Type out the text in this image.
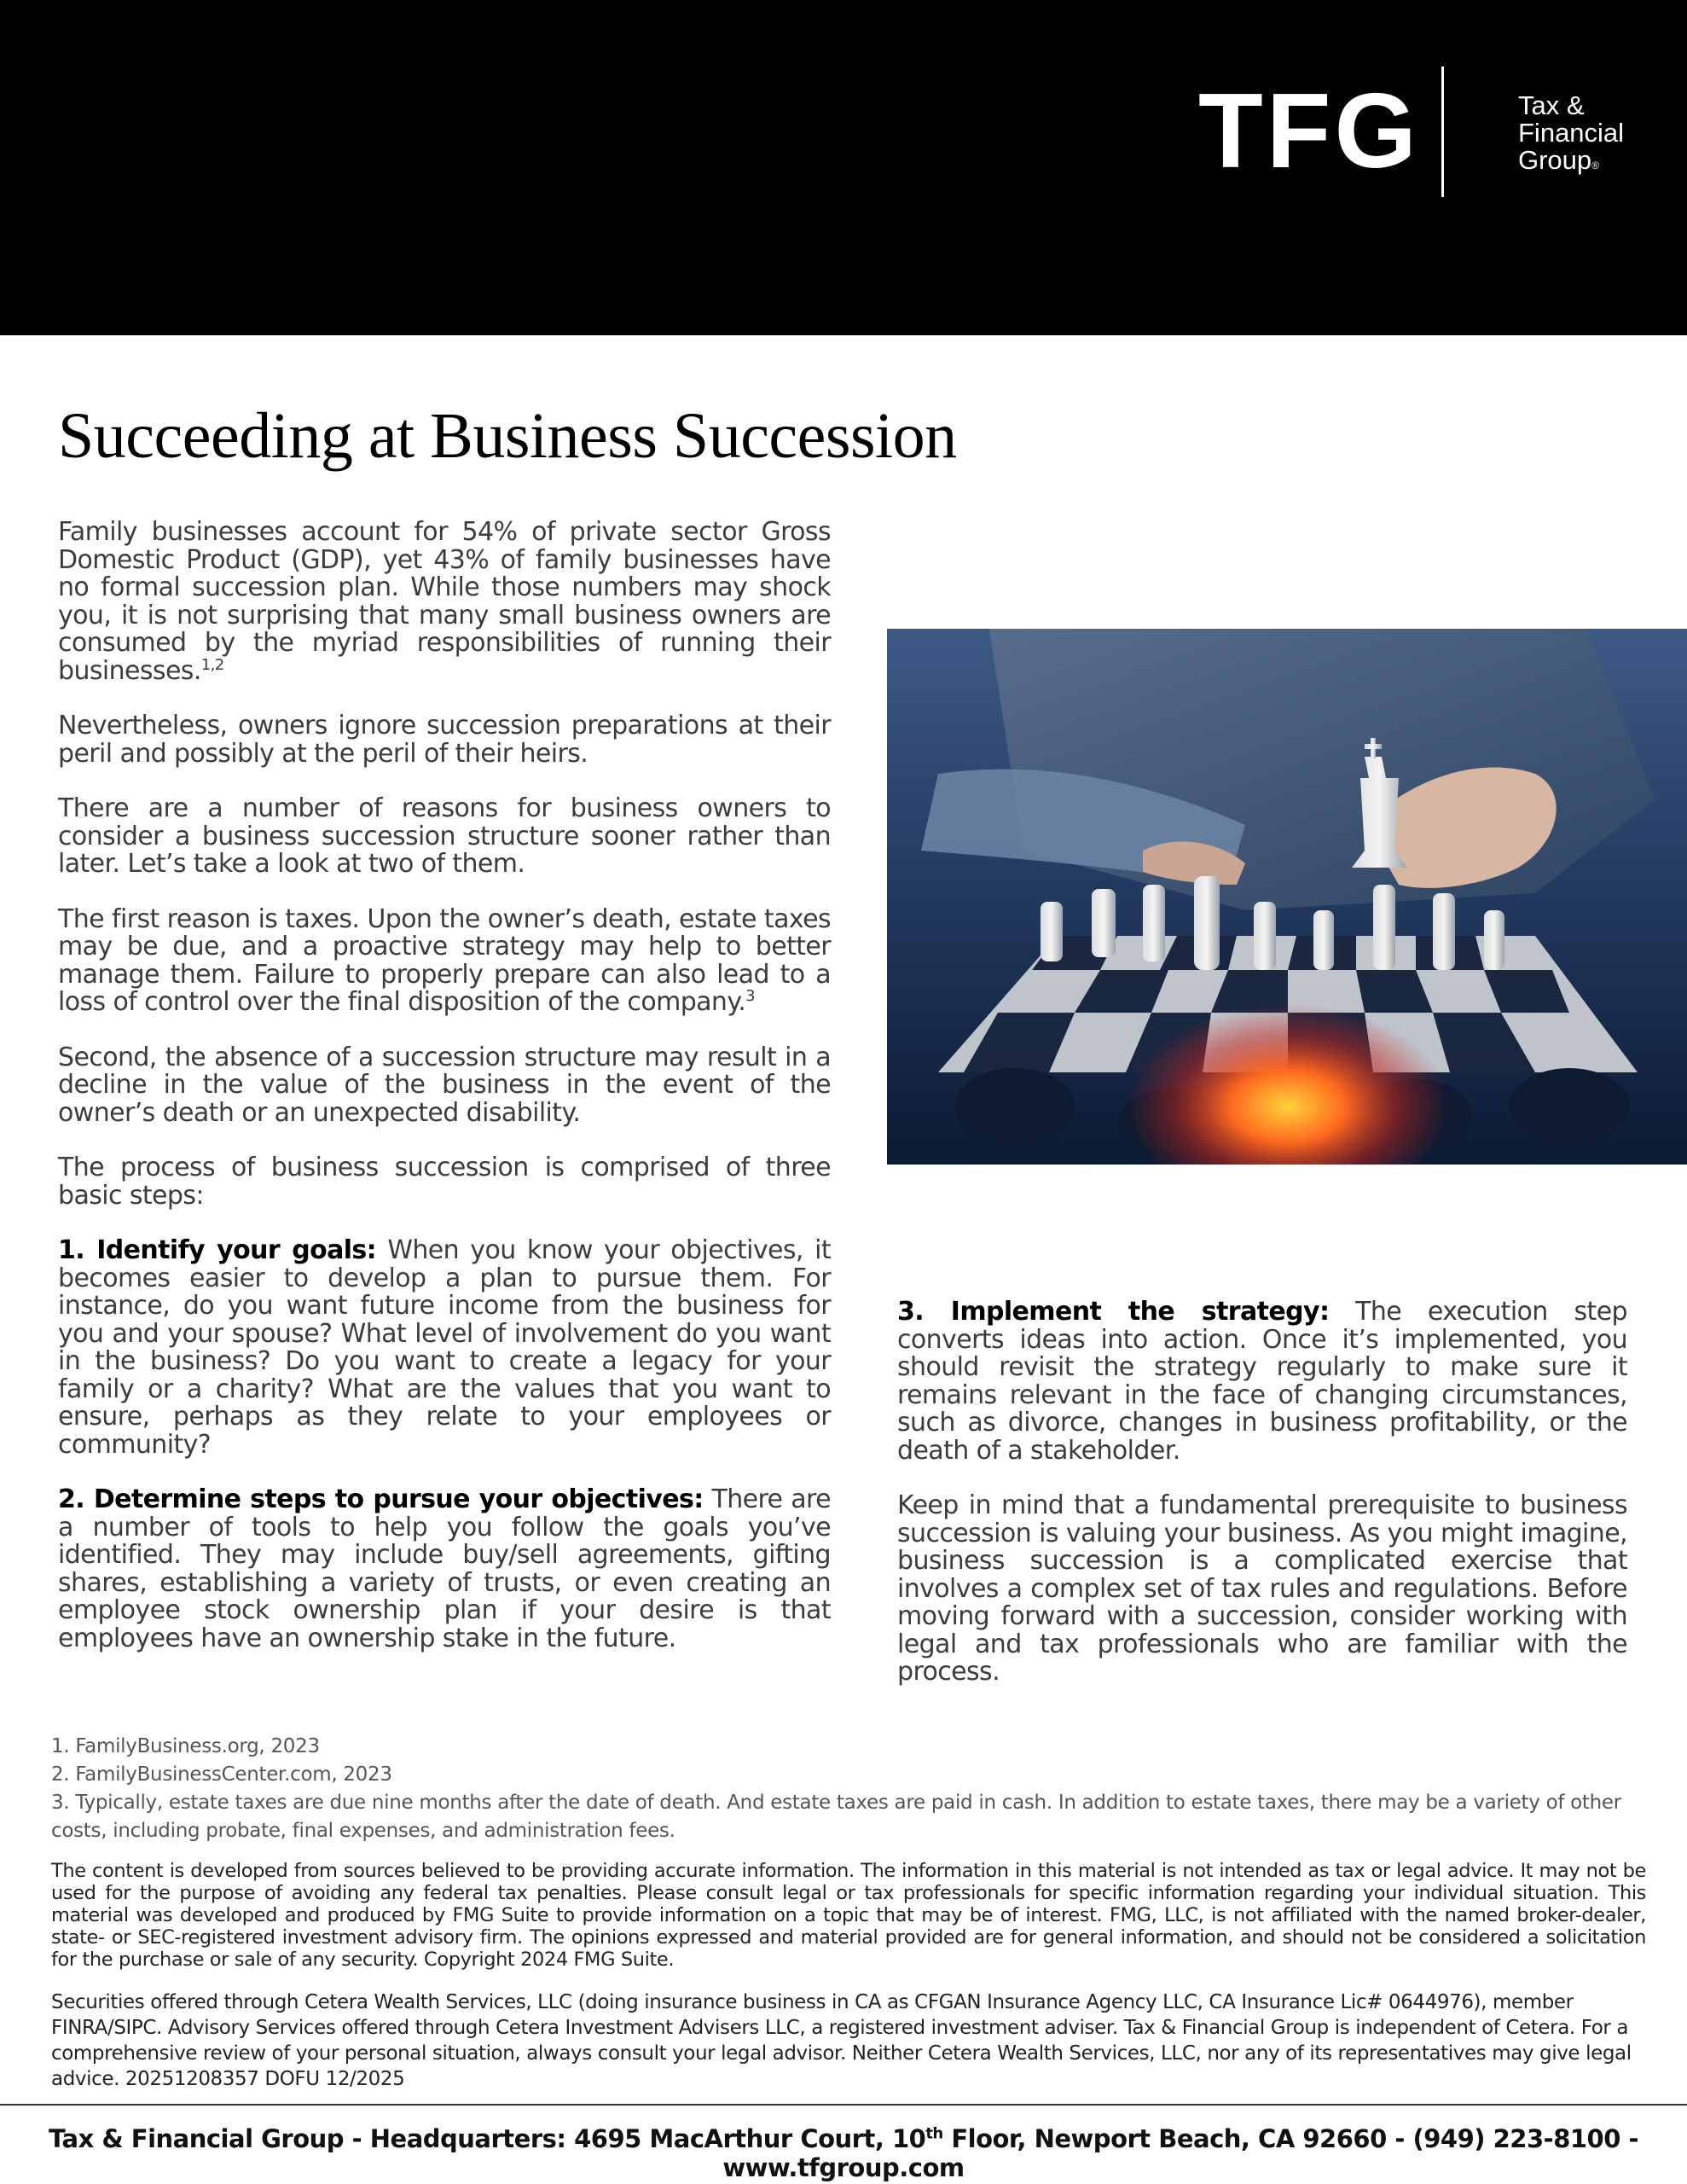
TFG	Tax &
Financial
Group®
Succeeding at Business Succession

Family businesses account for 54% of private sector Gross Domestic Product (GDP), yet 43% of family businesses have no formal succession plan. While those numbers may shock you, it is not surprising that many small business owners are consumed by the myriad responsibilities of running their businesses.$^{1,2}$

Nevertheless, owners ignore succession preparations at their peril and possibly at the peril of their heirs.

There are a number of reasons for business owners to consider a business succession structure sooner rather than later. Let’s take a look at two of them.

The first reason is taxes. Upon the owner’s death, estate taxes may be due, and a proactive strategy may help to better manage them. Failure to properly prepare can also lead to a loss of control over the final disposition of the company.$^3$

Second, the absence of a succession structure may result in a decline in the value of the business in the event of the owner’s death or an unexpected disability.

The process of business succession is comprised of three basic steps:

1. Identify your goals: When you know your objectives, it becomes easier to develop a plan to pursue them. For instance, do you want future income from the business for you and your spouse? What level of involvement do you want in the business? Do you want to create a legacy for your family or a charity? What are the values that you want to ensure, perhaps as they relate to your employees or community?

2. Determine steps to pursue your objectives: There are a number of tools to help you follow the goals you’ve identified. They may include buy/sell agreements, gifting shares, establishing a variety of trusts, or even creating an employee stock ownership plan if your desire is that employees have an ownership stake in the future.

3. Implement the strategy: The execution step converts ideas into action. Once it’s implemented, you should revisit the strategy regularly to make sure it remains relevant in the face of changing circumstances, such as divorce, changes in business profitability, or the death of a stakeholder.

Keep in mind that a fundamental prerequisite to business succession is valuing your business. As you might imagine, business succession is a complicated exercise that involves a complex set of tax rules and regulations. Before moving forward with a succession, consider working with legal and tax professionals who are familiar with the process.

1. FamilyBusiness.org, 2023
2. FamilyBusinessCenter.com, 2023
3. Typically, estate taxes are due nine months after the date of death. And estate taxes are paid in cash. In addition to estate taxes, there may be a variety of other costs, including probate, final expenses, and administration fees.
The content is developed from sources believed to be providing accurate information. The information in this material is not intended as tax or legal advice. It may not be used for the purpose of avoiding any federal tax penalties. Please consult legal or tax professionals for specific information regarding your individual situation. This material was developed and produced by FMG Suite to provide information on a topic that may be of interest. FMG, LLC, is not affiliated with the named broker-dealer, state- or SEC-registered investment advisory firm. The opinions expressed and material provided are for general information, and should not be considered a solicitation for the purchase or sale of any security. Copyright 2024 FMG Suite.
Securities offered through Cetera Wealth Services, LLC (doing insurance business in CA as CFGAN Insurance Agency LLC, CA Insurance Lic# 0644976), member FINRA/SIPC. Advisory Services offered through Cetera Investment Advisers LLC, a registered investment adviser. Tax & Financial Group is independent of Cetera. For a comprehensive review of your personal situation, always consult your legal advisor. Neither Cetera Wealth Services, LLC, nor any of its representatives may give legal advice. 20251208357 DOFU 12/2025
Tax & Financial Group - Headquarters: 4695 MacArthur Court, 10th Floor, Newport Beach, CA 92660 - (949) 223-8100 - www.tfgroup.com
